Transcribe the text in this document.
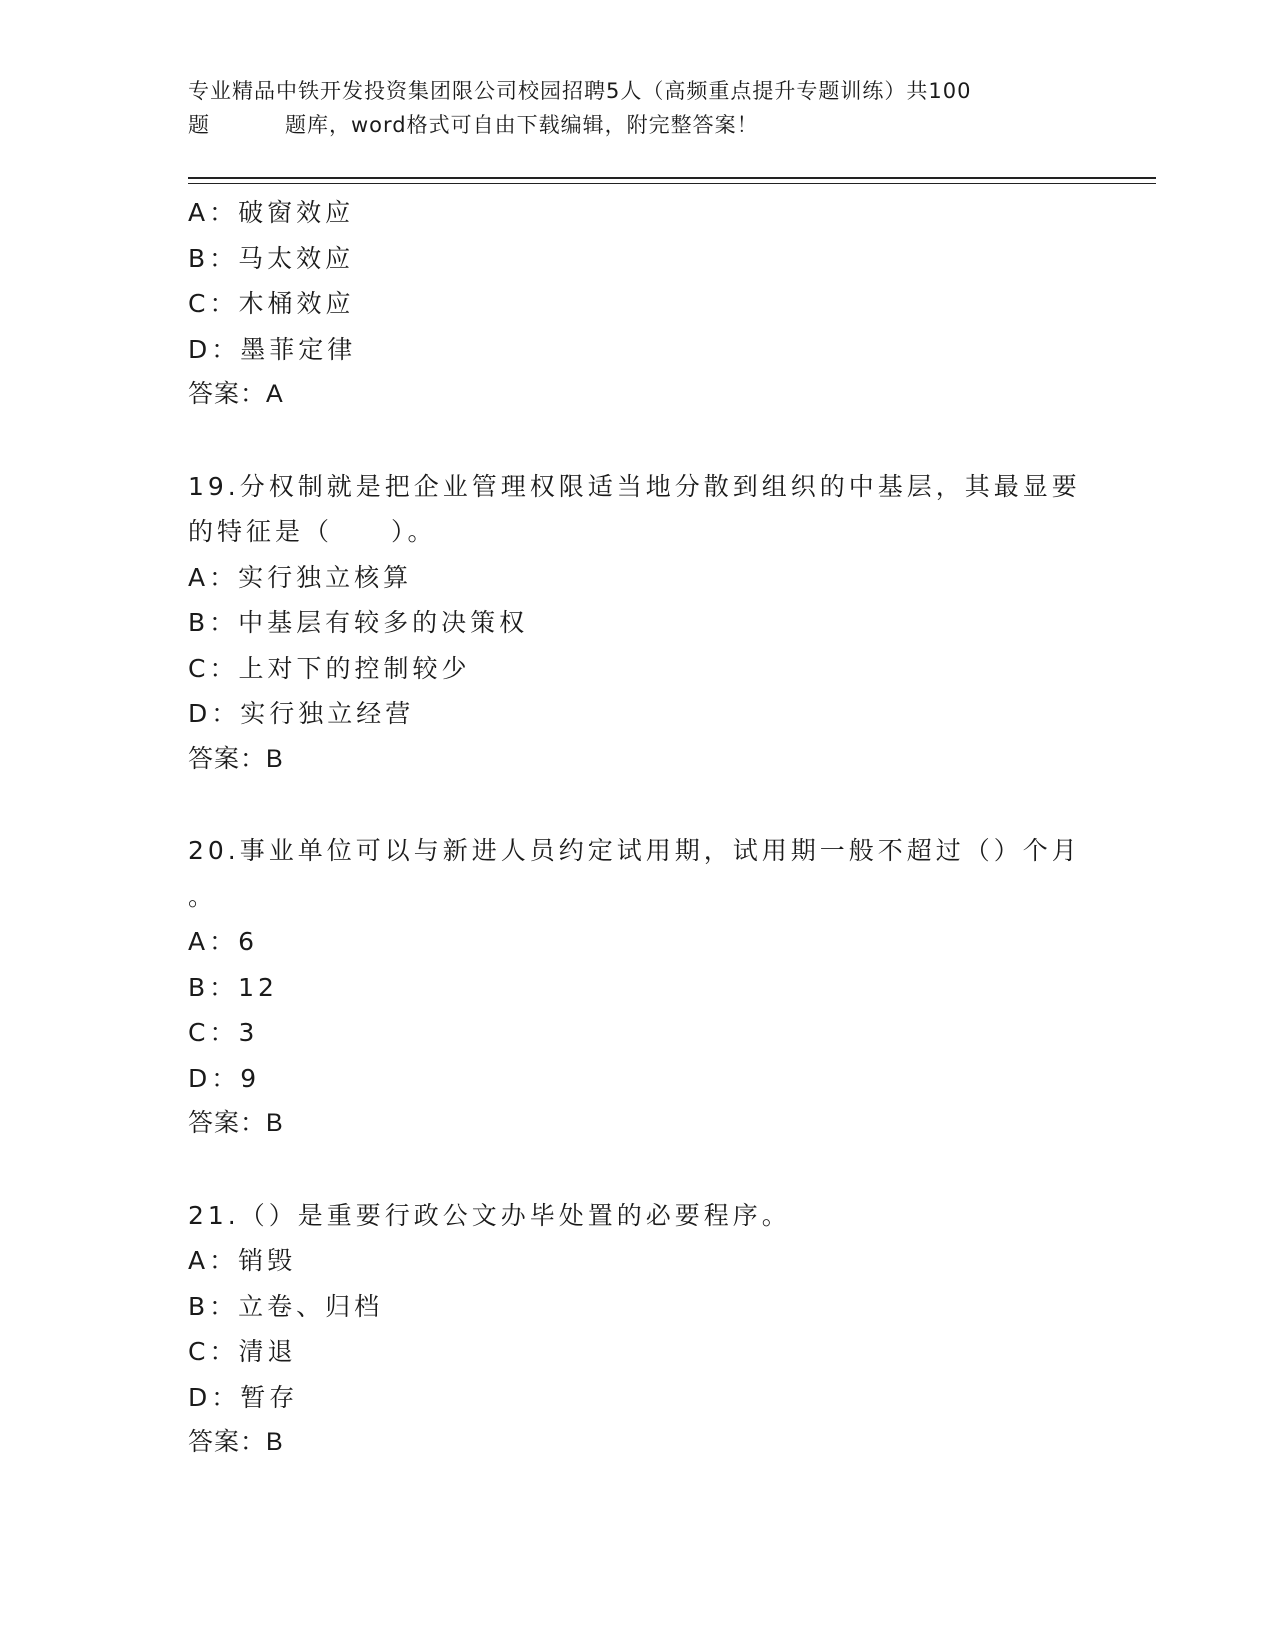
专业精品中铁开发投资集团限公司校园招聘5人（高频重点提升专题训练）共100
题	题库，word格式可自由下载编辑，附完整答案！
A：破窗效应
B：马太效应
C：木桶效应
D：墨菲定律
答案：A
19.分权制就是把企业管理权限适当地分散到组织的中基层，其最显要
的特征是（　　）。
A：实行独立核算
B：中基层有较多的决策权
C：上对下的控制较少
D：实行独立经营
答案：B
20.事业单位可以与新进人员约定试用期，试用期一般不超过（）个月
。
A：6
B：12
C：3
D：9
答案：B
21.（）是重要行政公文办毕处置的必要程序。
A：销毁
B：立卷、归档
C：清退
D：暂存
答案：B
